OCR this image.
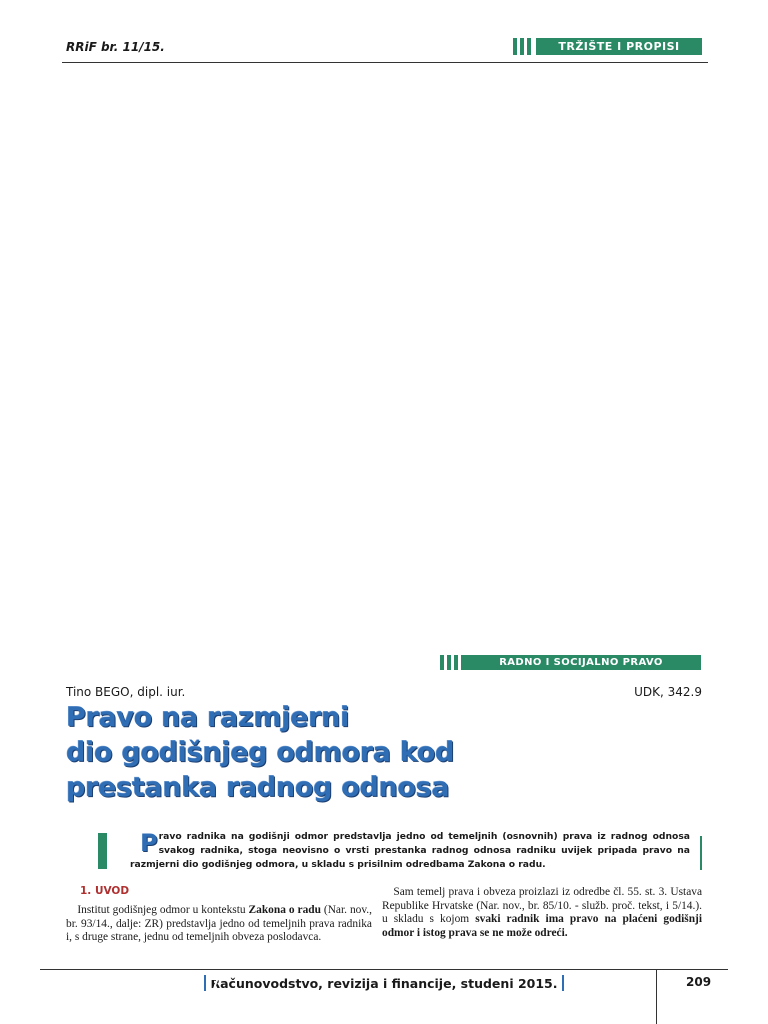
RRiF br. 11/15.	TRŽIŠTE I PROPISI
RADNO I SOCIJALNO PRAVO
Tino BEGO, dipl. iur.	UDK, 342.9
Pravo na razmjerni
dio godišnjeg odmora kod
prestanka radnog odnosa

Pravo radnika na godišnji odmor predstavlja jedno od temeljnih (osnovnih) prava iz radnog odnosa svakog radnika, stoga neovisno o vrsti prestanka radnog odnosa radniku uvijek pripada pravo na razmjerni dio godišnjeg odmora, u skladu s prisilnim odredbama Zakona o radu.

1. UVOD

 Institut godišnjeg odmor u kontekstu Zakona o radu (Nar. nov., br. 93/14., dalje: ZR) predstavlja jedno od temeljnih prava radnika i, s druge strane, jednu od temeljnih obveza poslodavca.

 Sam temelj prava i obveza proizlazi iz odredbe čl. 55. st. 3. Ustava Republike Hrvatske (Nar. nov., br. 85/10. - služb. proč. tekst, i 5/14.). u skladu s kojom svaki radnik ima pravo na plaćeni godišnji odmor i istog prava se ne može odreći.

Računovodstvo, revizija i financije, studeni 2015.	209
